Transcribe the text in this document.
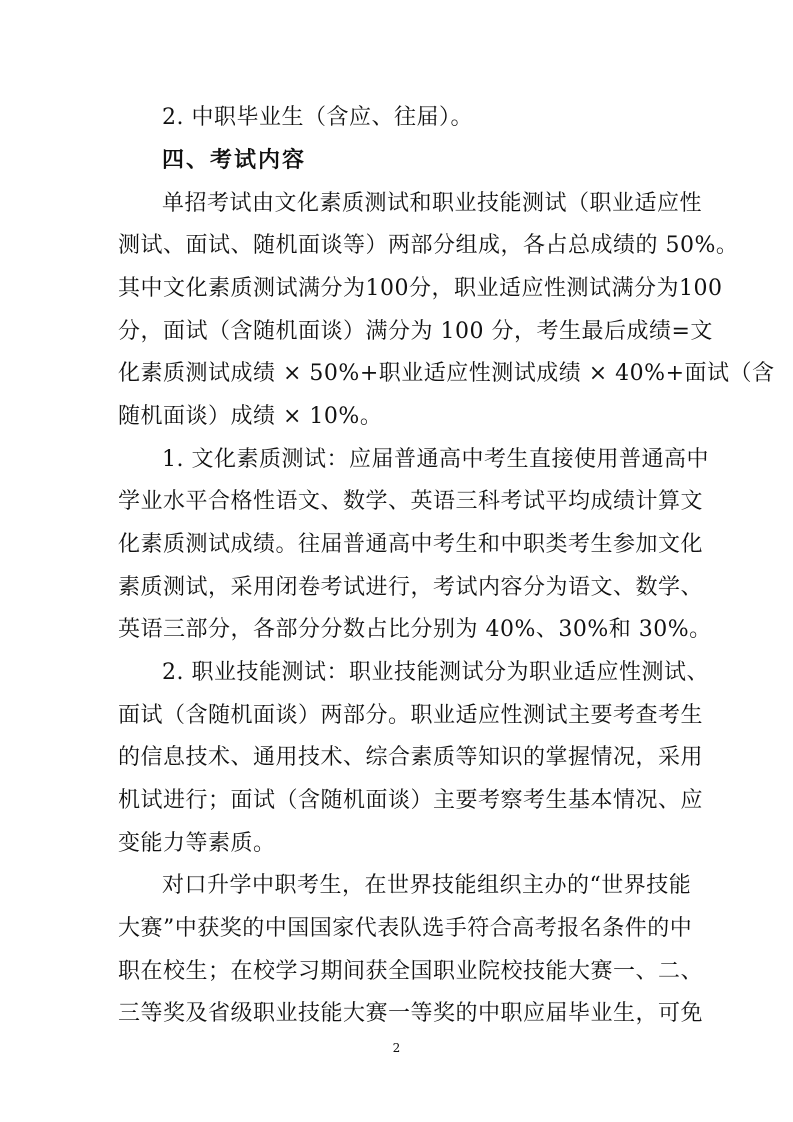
2. 中职毕业生（含应、往届）。
四、考试内容
单招考试由文化素质测试和职业技能测试（职业适应性
测试、面试、随机面谈等）两部分组成，各占总成绩的 50%。
其中文化素质测试满分为100分，职业适应性测试满分为100
分，面试（含随机面谈）满分为 100 分，考生最后成绩=文
化素质测试成绩 × 50%+职业适应性测试成绩 × 40%+面试（含
随机面谈）成绩 × 10%。
1. 文化素质测试：应届普通高中考生直接使用普通高中
学业水平合格性语文、数学、英语三科考试平均成绩计算文
化素质测试成绩。往届普通高中考生和中职类考生参加文化
素质测试，采用闭卷考试进行，考试内容分为语文、数学、
英语三部分，各部分分数占比分别为 40%、30%和 30%。
2. 职业技能测试：职业技能测试分为职业适应性测试、
面试（含随机面谈）两部分。职业适应性测试主要考查考生
的信息技术、通用技术、综合素质等知识的掌握情况，采用
机试进行；面试（含随机面谈）主要考察考生基本情况、应
变能力等素质。
对口升学中职考生，在世界技能组织主办的“世界技能
大赛”中获奖的中国国家代表队选手符合高考报名条件的中
职在校生；在校学习期间获全国职业院校技能大赛一、二、
三等奖及省级职业技能大赛一等奖的中职应届毕业生，可免
2
